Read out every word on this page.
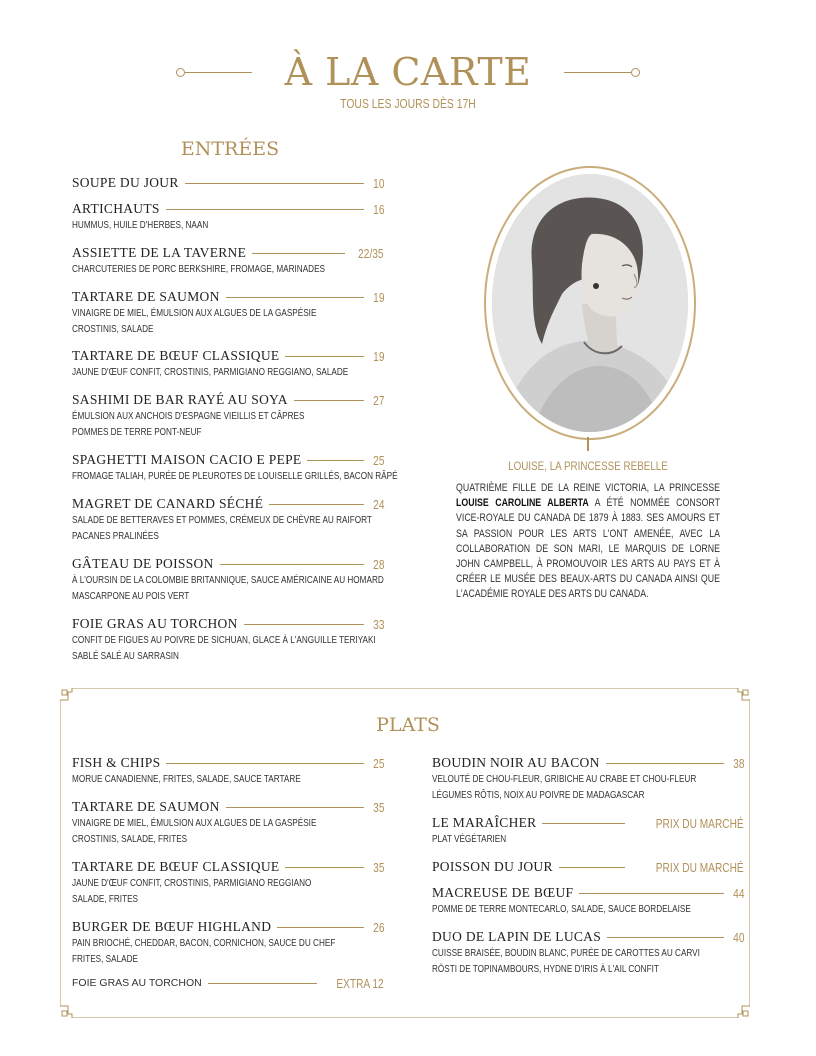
À LA CARTE
TOUS LES JOURS DÈS 17H
ENTRÉES
SOUPE DU JOUR	10
ARTICHAUTS	16
HUMMUS, HUILE D'HERBES, NAAN
ASSIETTE DE LA TAVERNE	22/35
CHARCUTERIES DE PORC BERKSHIRE, FROMAGE, MARINADES
TARTARE DE SAUMON	19
VINAIGRE DE MIEL, ÉMULSION AUX ALGUES DE LA GASPÉSIE
CROSTINIS, SALADE
TARTARE DE BŒUF CLASSIQUE	19
JAUNE D'ŒUF CONFIT, CROSTINIS, PARMIGIANO REGGIANO, SALADE
SASHIMI DE BAR RAYÉ AU SOYA	27
ÉMULSION AUX ANCHOIS D'ESPAGNE VIEILLIS ET CÂPRES
POMMES DE TERRE PONT-NEUF
SPAGHETTI MAISON CACIO E PEPE	25
FROMAGE TALIAH, PURÉE DE PLEUROTES DE LOUISELLE GRILLÉS, BACON RÂPÉ
MAGRET DE CANARD SÉCHÉ	24
SALADE DE BETTERAVES ET POMMES, CRÉMEUX DE CHÈVRE AU RAIFORT
PACANES PRALINÉES
GÂTEAU DE POISSON	28
À L'OURSIN DE LA COLOMBIE BRITANNIQUE, SAUCE AMÉRICAINE AU HOMARD
MASCARPONE AU POIS VERT
FOIE GRAS AU TORCHON	33
CONFIT DE FIGUES AU POIVRE DE SICHUAN, GLACE À L'ANGUILLE TERIYAKI
SABLÉ SALÉ AU SARRASIN
LOUISE, LA PRINCESSE REBELLE
QUATRIÈME FILLE DE LA REINE VICTORIA, LA PRINCESSE LOUISE CAROLINE ALBERTA A ÉTÉ NOMMÉE CONSORT VICE-ROYALE DU CANADA DE 1879 À 1883. SES AMOURS ET SA PASSION POUR LES ARTS L'ONT AMENÉE, AVEC LA COLLABORATION DE SON MARI, LE MARQUIS DE LORNE JOHN CAMPBELL, À PROMOUVOIR LES ARTS AU PAYS ET À CRÉER LE MUSÉE DES BEAUX-ARTS DU CANADA AINSI QUE L'ACADÉMIE ROYALE DES ARTS DU CANADA.
PLATS
FISH & CHIPS	25
MORUE CANADIENNE, FRITES, SALADE, SAUCE TARTARE
TARTARE DE SAUMON	35
VINAIGRE DE MIEL, ÉMULSION AUX ALGUES DE LA GASPÉSIE
CROSTINIS, SALADE, FRITES
TARTARE DE BŒUF CLASSIQUE	35
JAUNE D'ŒUF CONFIT, CROSTINIS, PARMIGIANO REGGIANO
SALADE, FRITES
BURGER DE BŒUF HIGHLAND	26
PAIN BRIOCHÉ, CHEDDAR, BACON, CORNICHON, SAUCE DU CHEF
FRITES, SALADE
BOUDIN NOIR AU BACON	38
VELOUTÉ DE CHOU-FLEUR, GRIBICHE AU CRABE ET CHOU-FLEUR
LÉGUMES RÔTIS, NOIX AU POIVRE DE MADAGASCAR
LE MARAÎCHER	PRIX DU MARCHÉ
PLAT VÉGÉTARIEN
POISSON DU JOUR	PRIX DU MARCHÉ
MACREUSE DE BŒUF	44
POMME DE TERRE MONTECARLO, SALADE, SAUCE BORDELAISE
DUO DE LAPIN DE LUCAS	40
CUISSE BRAISÉE, BOUDIN BLANC, PURÉE DE CAROTTES AU CARVI
RÖSTI DE TOPINAMBOURS, HYDNE D'IRIS À L'AIL CONFIT
FOIE GRAS AU TORCHON	EXTRA 12
